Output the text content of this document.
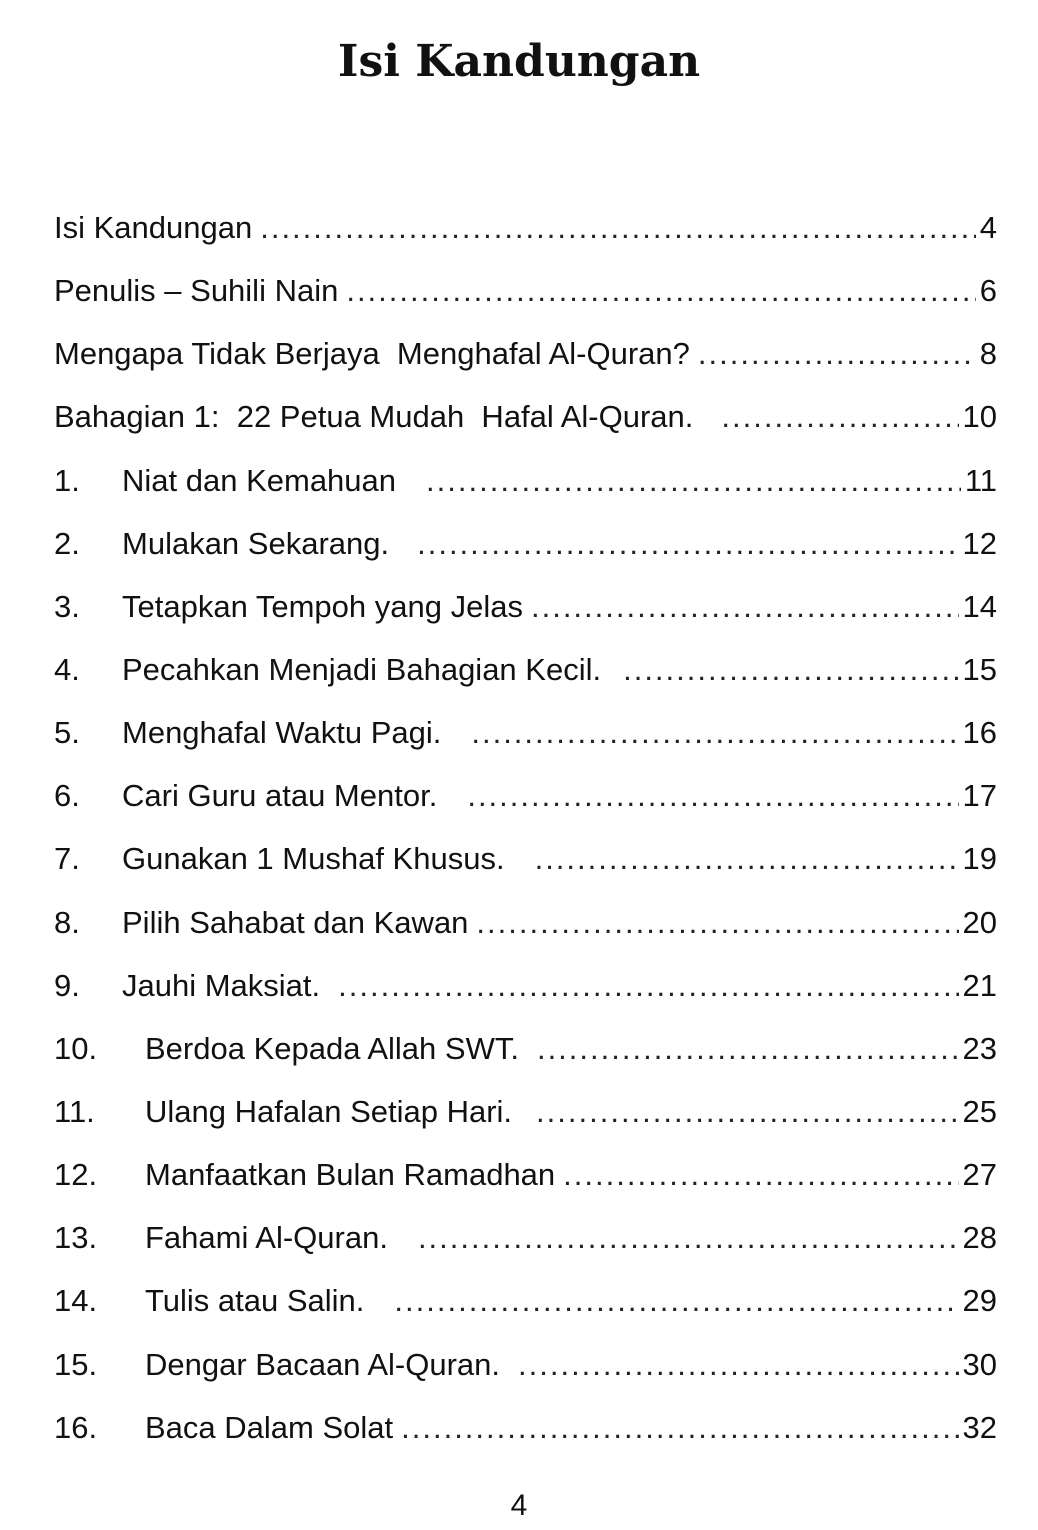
Isi Kandungan
Isi Kandungan .....	4
Penulis – Suhili Nain .....	6
Mengapa Tidak Berjaya  Menghafal Al-Quran? .....	8
Bahagian 1:  22 Petua Mudah  Hafal Al-Quran. .....	10
1.	Niat dan Kemahuan .....	11
2.	Mulakan Sekarang. .....	12
3.	Tetapkan Tempoh yang Jelas .....	14
4.	Pecahkan Menjadi Bahagian Kecil. .....	15
5.	Menghafal Waktu Pagi. .....	16
6.	Cari Guru atau Mentor. .....	17
7.	Gunakan 1 Mushaf Khusus. .....	19
8.	Pilih Sahabat dan Kawan .....	20
9.	Jauhi Maksiat. .....	21
10.	Berdoa Kepada Allah SWT. .....	23
11.	Ulang Hafalan Setiap Hari. .....	25
12.	Manfaatkan Bulan Ramadhan .....	27
13.	Fahami Al-Quran. .....	28
14.	Tulis atau Salin. .....	29
15.	Dengar Bacaan Al-Quran. .....	30
16.	Baca Dalam Solat .....	32
4
